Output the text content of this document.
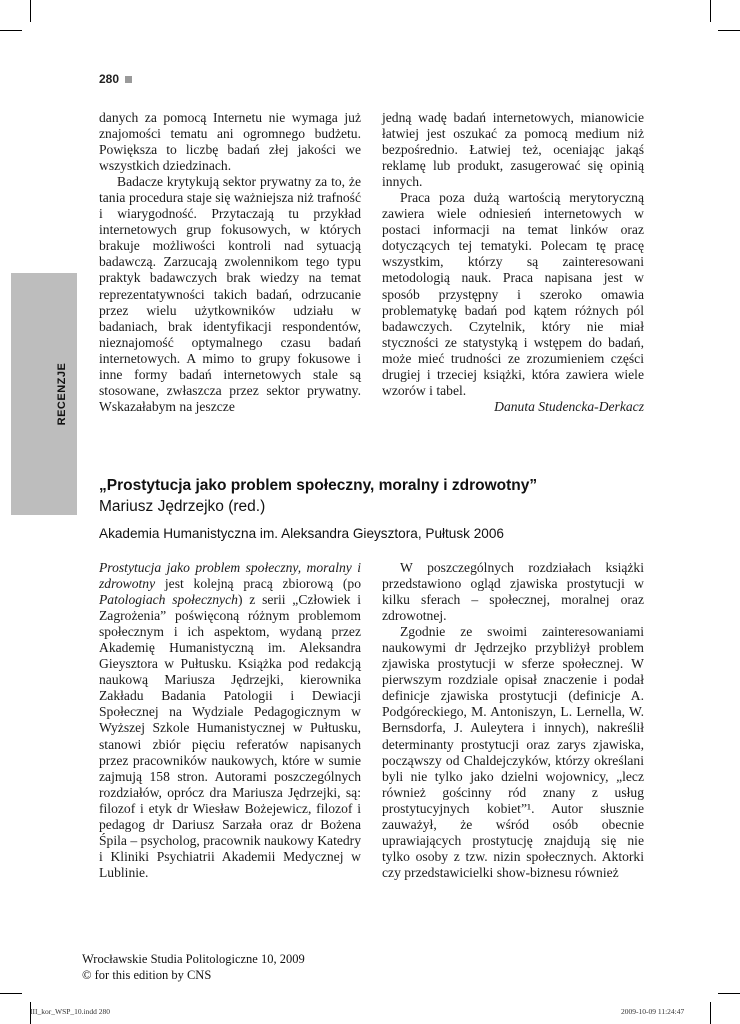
280
RECENZJE

danych za pomocą Internetu nie wymaga już znajomości tematu ani ogromnego budżetu. Powiększa to liczbę badań złej jakości we wszystkich dziedzinach.

Badacze krytykują sektor prywatny za to, że tania procedura staje się ważniejsza niż trafność i wiarygodność. Przytaczają tu przykład internetowych grup fokusowych, w których brakuje możliwości kontroli nad sytuacją badawczą. Zarzucają zwolennikom tego typu praktyk badawczych brak wiedzy na temat reprezentatywności takich badań, odrzucanie przez wielu użytkowników udziału w badaniach, brak identyfikacji respondentów, nieznajomość optymalnego czasu badań internetowych. A mimo to grupy fokusowe i inne formy badań internetowych stale są stosowane, zwłaszcza przez sektor prywatny. Wskazałabym na jeszcze

jedną wadę badań internetowych, mianowicie łatwiej jest oszukać za pomocą medium niż bezpośrednio. Łatwiej też, oceniając jakąś reklamę lub produkt, zasugerować się opinią innych.

Praca poza dużą wartością merytoryczną zawiera wiele odniesień internetowych w postaci informacji na temat linków oraz dotyczących tej tematyki. Polecam tę pracę wszystkim, którzy są zainteresowani metodologią nauk. Praca napisana jest w sposób przystępny i szeroko omawia problematykę badań pod kątem różnych pól badawczych. Czytelnik, który nie miał styczności ze statystyką i wstępem do badań, może mieć trudności ze zrozumieniem części drugiej i trzeciej książki, która zawiera wiele wzorów i tabel.

Danuta Studencka-Derkacz

„Prostytucja jako problem społeczny, moralny i zdrowotny”
Mariusz Jędrzejko (red.)
Akademia Humanistyczna im. Aleksandra Gieysztora, Pułtusk 2006

Prostytucja jako problem społeczny, moralny i zdrowotny jest kolejną pracą zbiorową (po Patologiach społecznych) z serii „Człowiek i Zagrożenia” poświęconą różnym problemom społecznym i ich aspektom, wydaną przez Akademię Humanistyczną im. Aleksandra Gieysztora w Pułtusku. Książka pod redakcją naukową Mariusza Jędrzejki, kierownika Zakładu Badania Patologii i Dewiacji Społecznej na Wydziale Pedagogicznym w Wyższej Szkole Humanistycznej w Pułtusku, stanowi zbiór pięciu referatów napisanych przez pracowników naukowych, które w sumie zajmują 158 stron. Autorami poszczególnych rozdziałów, oprócz dra Mariusza Jędrzejki, są: filozof i etyk dr Wiesław Bożejewicz, filozof i pedagog dr Dariusz Sarzała oraz dr Bożena Śpila – psycholog, pracownik naukowy Katedry i Kliniki Psychiatrii Akademii Medycznej w Lublinie.

W poszczególnych rozdziałach książki przedstawiono ogląd zjawiska prostytucji w kilku sferach – społecznej, moralnej oraz zdrowotnej.

Zgodnie ze swoimi zainteresowaniami naukowymi dr Jędrzejko przybliżył problem zjawiska prostytucji w sferze społecznej. W pierwszym rozdziale opisał znaczenie i podał definicje zjawiska prostytucji (definicje A. Podgóreckiego, M. Antoniszyn, L. Lernella, W. Bernsdorfa, J. Auleytera i innych), nakreślił determinanty prostytucji oraz zarys zjawiska, począwszy od Chaldejczyków, którzy określani byli nie tylko jako dzielni wojownicy, „lecz również gościnny ród znany z usług prostytucyjnych kobiet”¹. Autor słusznie zauważył, że wśród osób obecnie uprawiających prostytucję znajdują się nie tylko osoby z tzw. nizin społecznych. Aktorki czy przedstawicielki show-biznesu również

Wrocławskie Studia Politologiczne 10, 2009
© for this edition by CNS
III_kor_WSP_10.indd 280	2009-10-09 11:24:47
